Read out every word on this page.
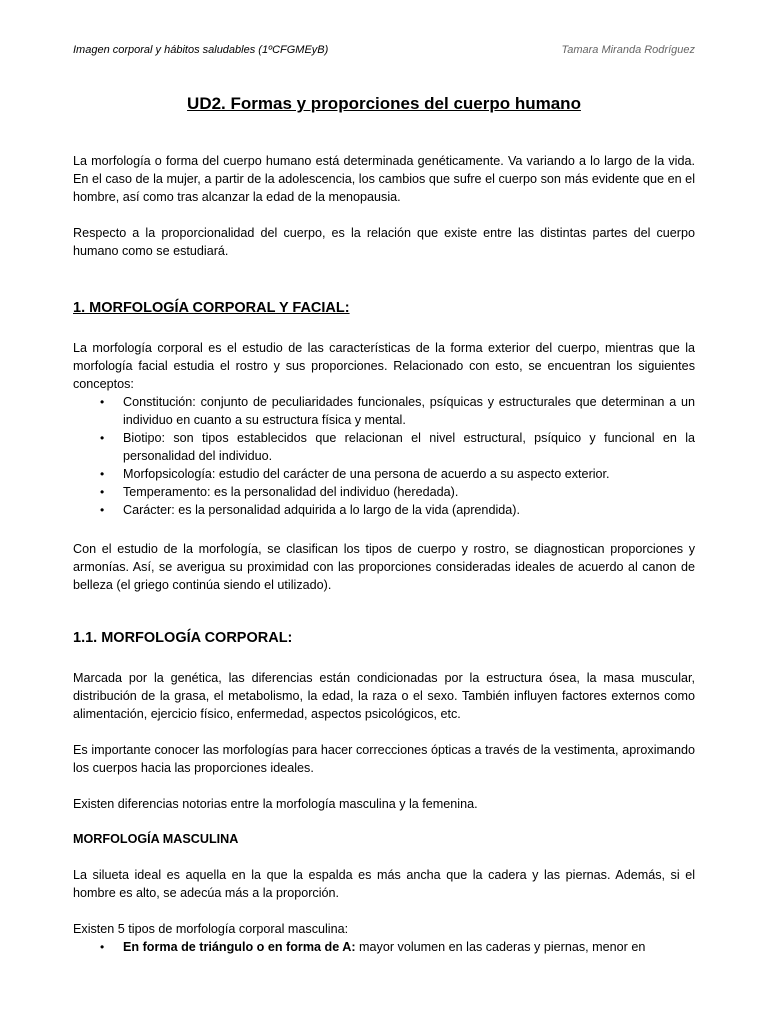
Imagen corporal y hábitos saludables (1ºCFGMEyB)	Tamara Miranda Rodríguez
UD2. Formas y proporciones del cuerpo humano
La morfología o forma del cuerpo humano está determinada genéticamente. Va variando a lo largo de la vida. En el caso de la mujer, a partir de la adolescencia, los cambios que sufre el cuerpo son más evidente que en el hombre, así como tras alcanzar la edad de la menopausia.
Respecto a la proporcionalidad del cuerpo, es la relación que existe entre las distintas partes del cuerpo humano como se estudiará.
1. MORFOLOGÍA CORPORAL Y FACIAL:
La morfología corporal es el estudio de las características de la forma exterior del cuerpo, mientras que la morfología facial estudia el rostro y sus proporciones. Relacionado con esto, se encuentran los siguientes conceptos:
• Constitución: conjunto de peculiaridades funcionales, psíquicas y estructurales que determinan a un individuo en cuanto a su estructura física y mental.
• Biotipo: son tipos establecidos que relacionan el nivel estructural, psíquico y funcional en la personalidad del individuo.
• Morfopsicología: estudio del carácter de una persona de acuerdo a su aspecto exterior.
• Temperamento: es la personalidad del individuo (heredada).
• Carácter: es la personalidad adquirida a lo largo de la vida (aprendida).
Con el estudio de la morfología, se clasifican los tipos de cuerpo y rostro, se diagnostican proporciones y armonías. Así, se averigua su proximidad con las proporciones consideradas ideales de acuerdo al canon de belleza (el griego continúa siendo el utilizado).
1.1. MORFOLOGÍA CORPORAL:
Marcada por la genética, las diferencias están condicionadas por la estructura ósea, la masa muscular, distribución de la grasa, el metabolismo, la edad, la raza o el sexo. También influyen factores externos como alimentación, ejercicio físico, enfermedad, aspectos psicológicos, etc.
Es importante conocer las morfologías para hacer correcciones ópticas a través de la vestimenta, aproximando los cuerpos hacia las proporciones ideales.
Existen diferencias notorias entre la morfología masculina y la femenina.
MORFOLOGÍA MASCULINA
La silueta ideal es aquella en la que la espalda es más ancha que la cadera y las piernas. Además, si el hombre es alto, se adecúa más a la proporción.
Existen 5 tipos de morfología corporal masculina:
• En forma de triángulo o en forma de A: mayor volumen en las caderas y piernas, menor en
